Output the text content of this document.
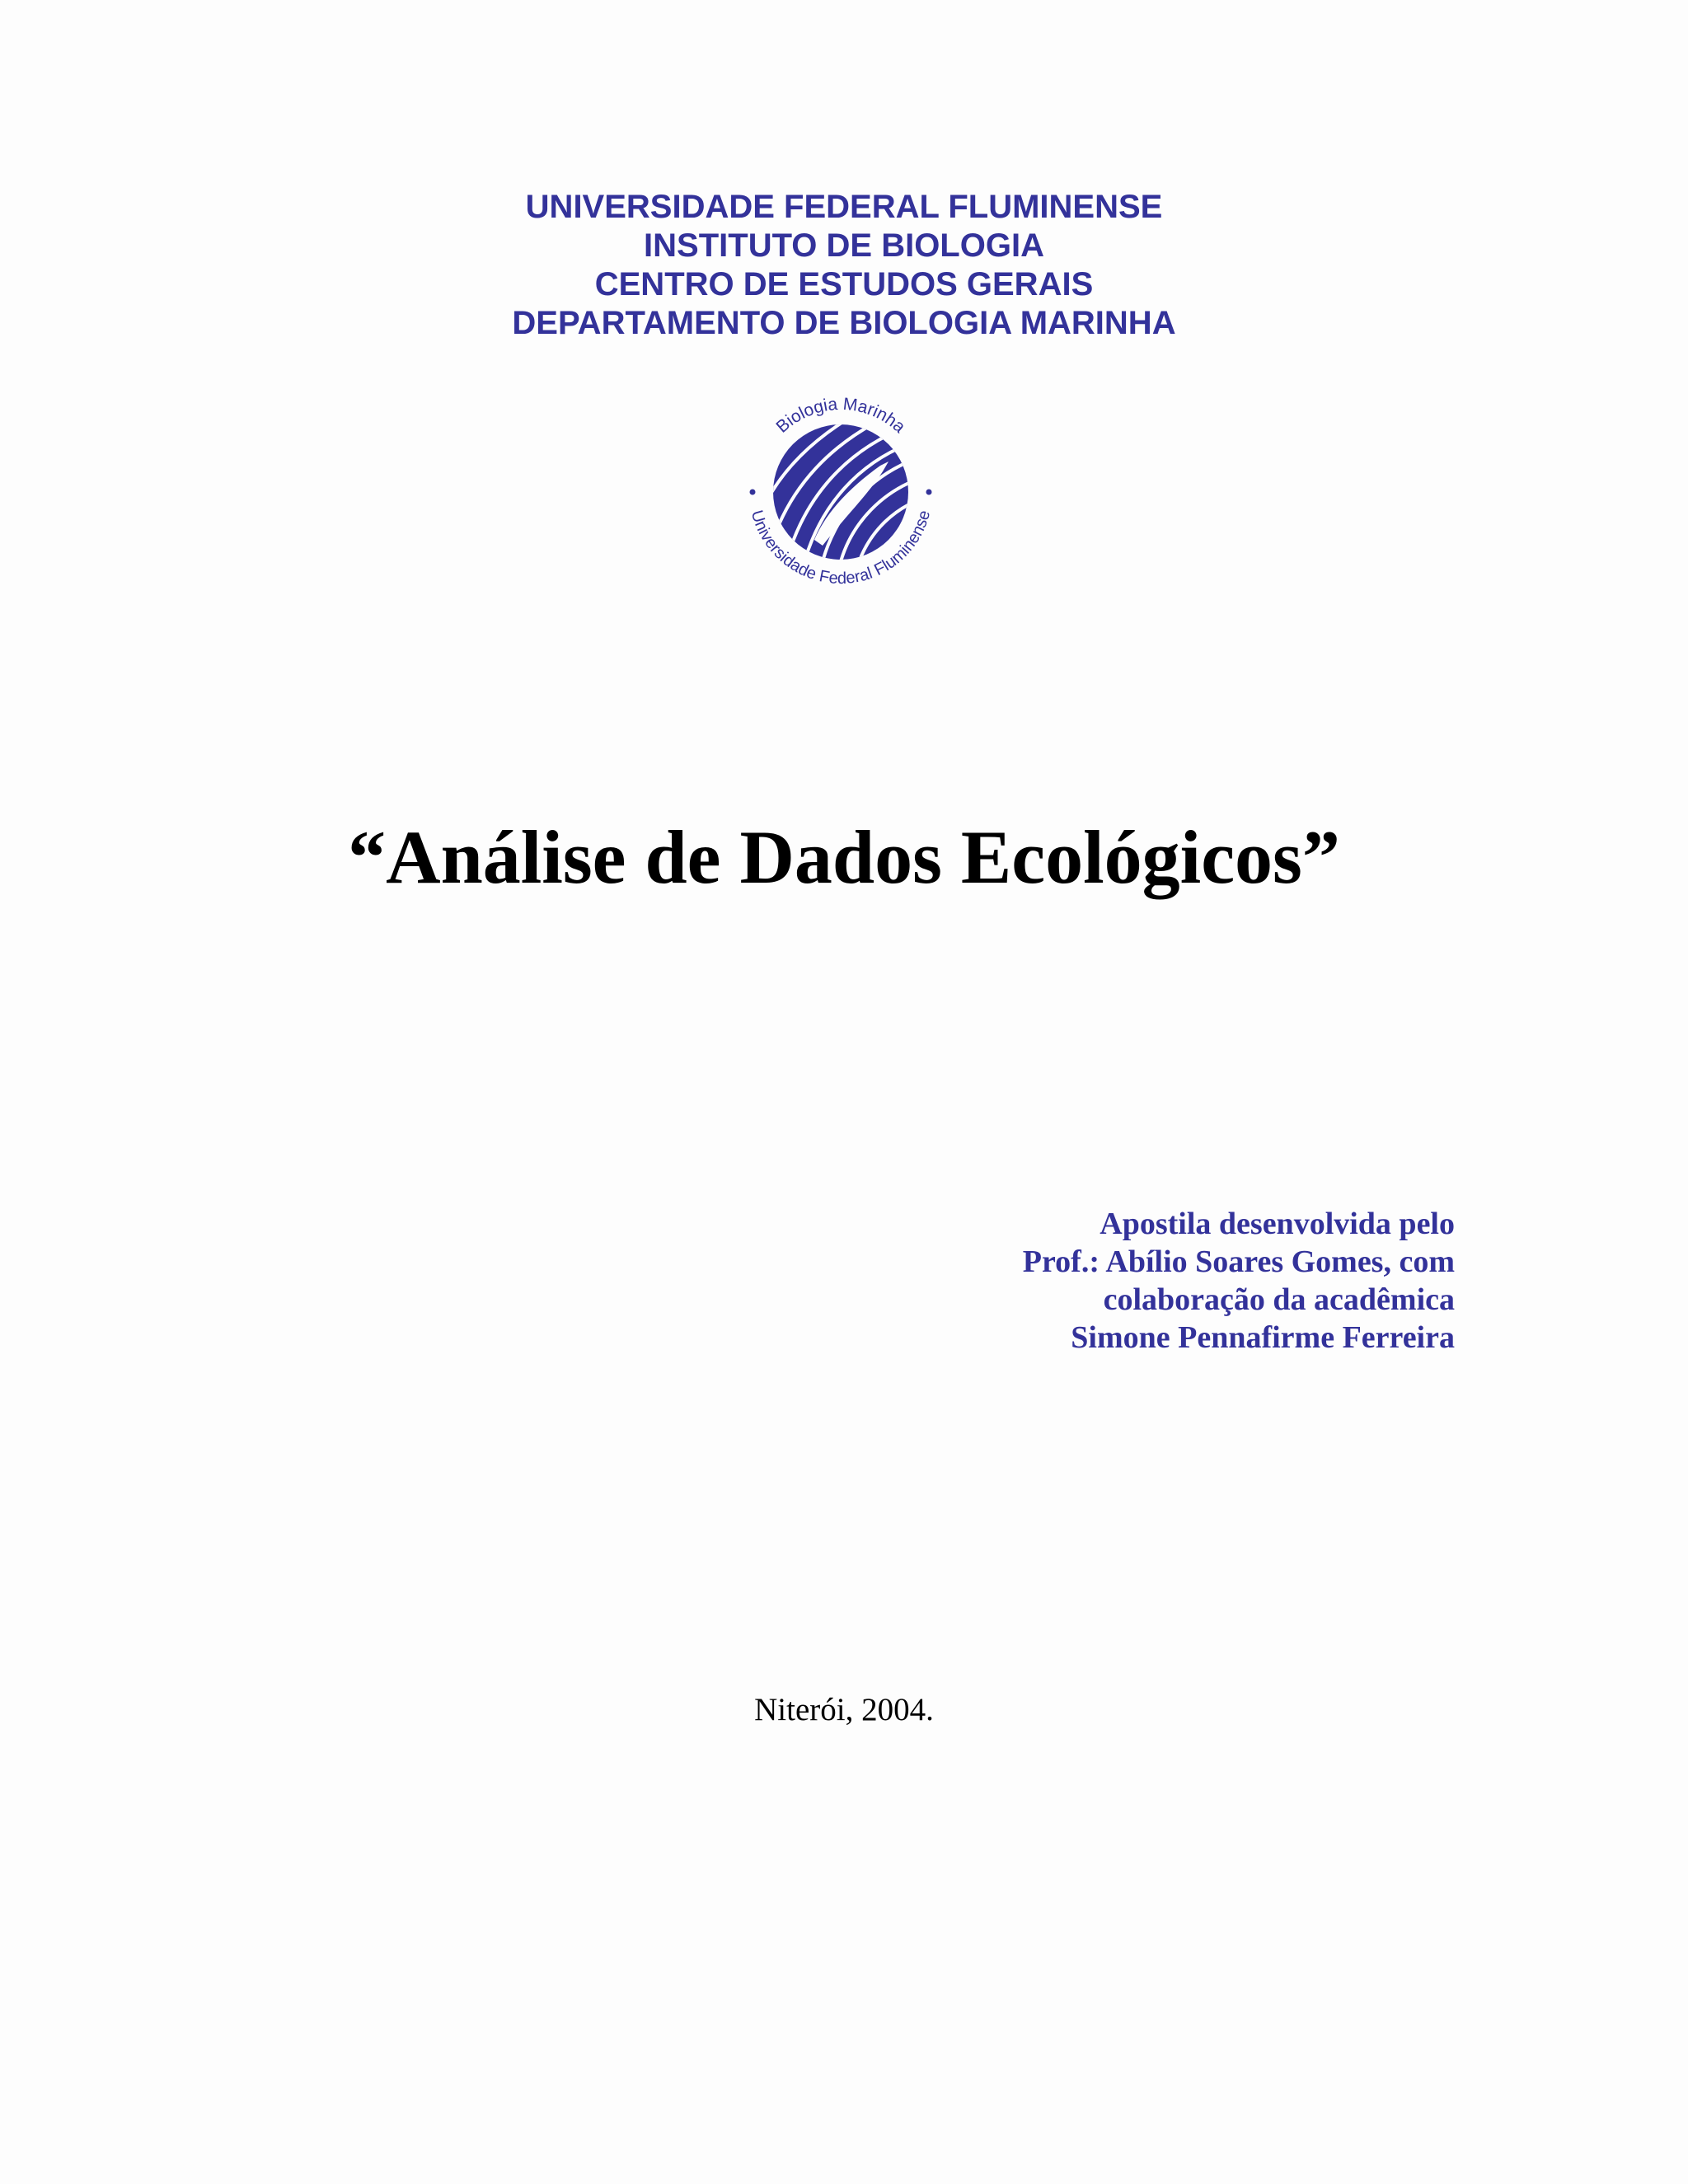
UNIVERSIDADE FEDERAL FLUMINENSE
INSTITUTO DE BIOLOGIA
CENTRO DE ESTUDOS GERAIS
DEPARTAMENTO DE BIOLOGIA MARINHA
Biologia Marinha
Universidade Federal Fluminense
“Análise de Dados Ecológicos”
Apostila desenvolvida pelo
Prof.: Abílio Soares Gomes, com
colaboração da acadêmica
Simone Pennafirme Ferreira
Niterói, 2004.
